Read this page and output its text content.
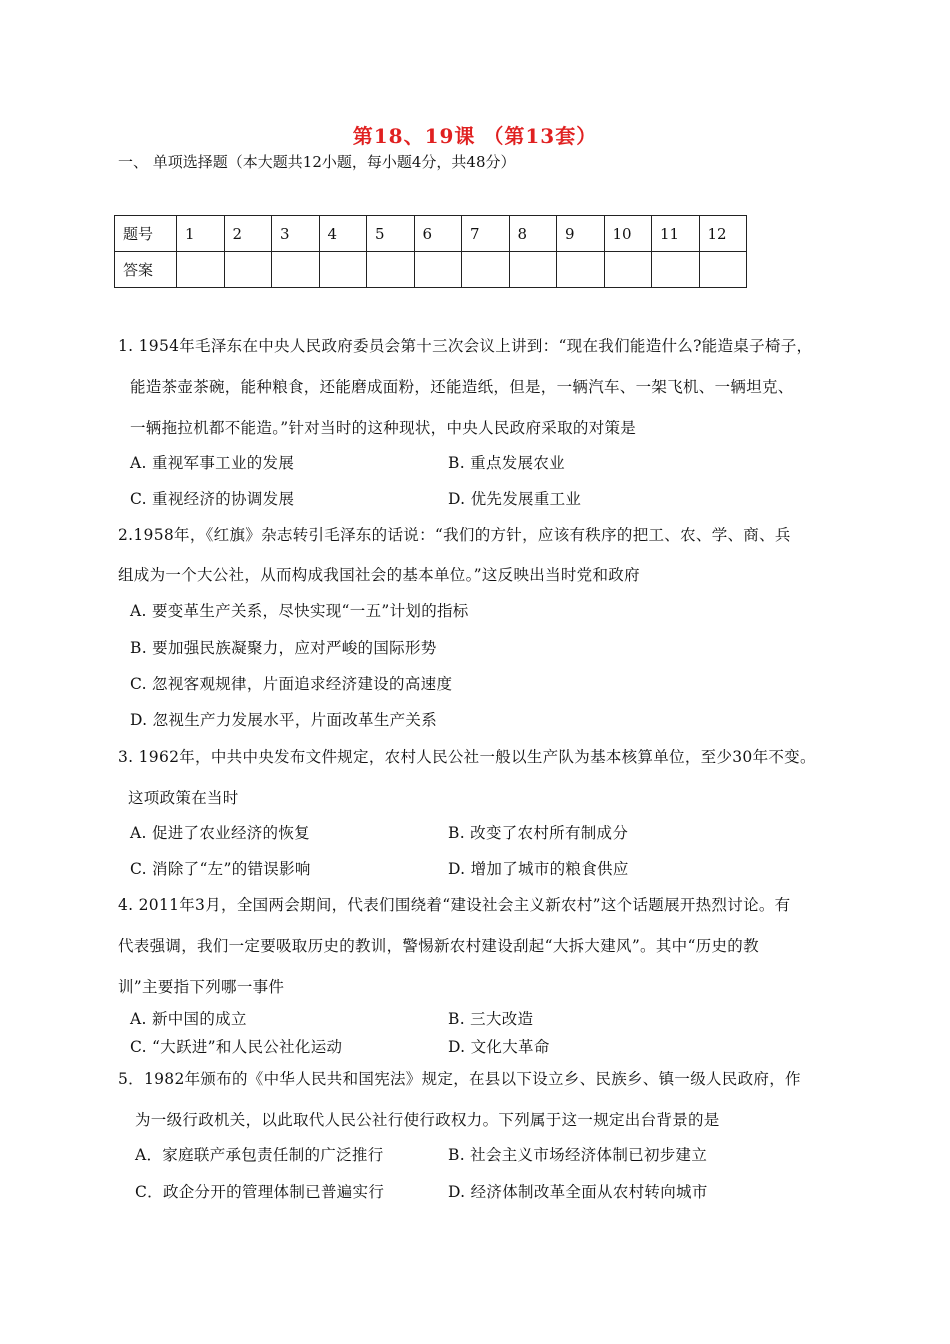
第18、19课 （第13套）
一、 单项选择题（本大题共12小题，每小题4分，共48分）
题号	1	2	3	4	5	6	7	8	9	10	11	12
答案												
1. 1954年毛泽东在中央人民政府委员会第十三次会议上讲到：“现在我们能造什么?能造桌子椅子，
能造茶壶茶碗，能种粮食，还能磨成面粉，还能造纸，但是，一辆汽车、一架飞机、一辆坦克、
一辆拖拉机都不能造。”针对当时的这种现状，中央人民政府采取的对策是
A. 重视军事工业的发展	B. 重点发展农业
C. 重视经济的协调发展	D. 优先发展重工业
2.1958年，《红旗》杂志转引毛泽东的话说：“我们的方针，应该有秩序的把工、农、学、商、兵
组成为一个大公社，从而构成我国社会的基本单位。”这反映出当时党和政府
A. 要变革生产关系，尽快实现“一五”计划的指标
B. 要加强民族凝聚力，应对严峻的国际形势
C. 忽视客观规律，片面追求经济建设的高速度
D. 忽视生产力发展水平，片面改革生产关系
3. 1962年，中共中央发布文件规定，农村人民公社一般以生产队为基本核算单位，至少30年不变。
这项政策在当时
A. 促进了农业经济的恢复	B. 改变了农村所有制成分
C. 消除了“左”的错误影响	D. 增加了城市的粮食供应
4. 2011年3月，全国两会期间，代表们围绕着“建设社会主义新农村”这个话题展开热烈讨论。有
代表强调，我们一定要吸取历史的教训，警惕新农村建设刮起“大拆大建风”。其中“历史的教
训”主要指下列哪一事件
A. 新中国的成立	B. 三大改造
C. “大跃进”和人民公社化运动	D. 文化大革命
5．1982年颁布的《中华人民共和国宪法》规定，在县以下设立乡、民族乡、镇一级人民政府，作
为一级行政机关，以此取代人民公社行使行政权力。下列属于这一规定出台背景的是
A．家庭联产承包责任制的广泛推行	B. 社会主义市场经济体制已初步建立
C．政企分开的管理体制已普遍实行	D. 经济体制改革全面从农村转向城市
